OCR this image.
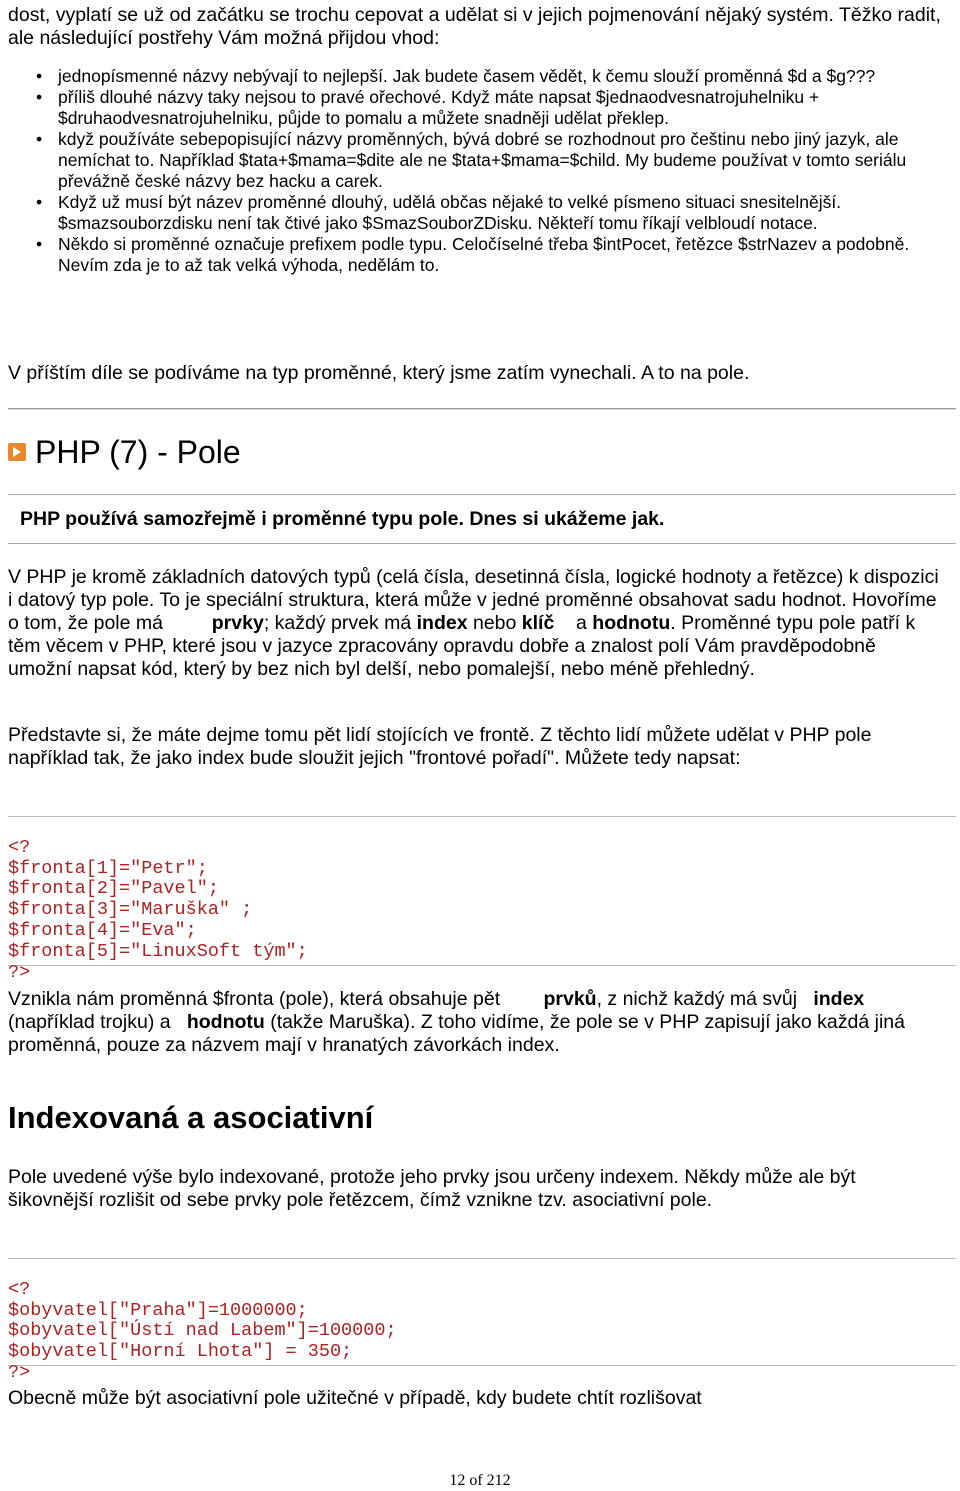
dost, vyplatí se už od začátku se trochu cepovat a udělat si v jejich pojmenování nějaký systém. Těžko radit, ale následující postřehy Vám možná přijdou vhod:
• jednopísmenné názvy nebývají to nejlepší. Jak budete časem vědět, k čemu slouží proměnná $d a $g???
• příliš dlouhé názvy taky nejsou to pravé ořechové. Když máte napsat $jednaodvesnatrojuhelniku + $druhaodvesnatrojuhelniku, půjde to pomalu a můžete snadněji udělat překlep.
• když používáte sebepopisující názvy proměnných, bývá dobré se rozhodnout pro češtinu nebo jiný jazyk, ale nemíchat to. Například $tata+$mama=$dite ale ne $tata+$mama=$child. My budeme používat v tomto seriálu převážně české názvy bez hacku a carek.
• Když už musí být název proměnné dlouhý, udělá občas nějaké to velké písmeno situaci snesitelnější. $smazsouborzdisku není tak čtivé jako $SmazSouborZDisku. Někteří tomu říkají velbloudí notace.
• Někdo si proměnné označuje prefixem podle typu. Celočíselné třeba $intPocet, řetězce $strNazev a podobně. Nevím zda je to až tak velká výhoda, nedělám to.
V příštím díle se podíváme na typ proměnné, který jsme zatím vynechali. A to na pole.
PHP (7) - Pole
PHP používá samozřejmě i proměnné typu pole. Dnes si ukážeme jak.
V PHP je kromě základních datových typů (celá čísla, desetinná čísla, logické hodnoty a řetězce) k dispozici i datový typ pole. To je speciální struktura, která může v jedné proměnné obsahovat sadu hodnot. Hovoříme o tom, že pole má	prvky; každý prvek má index nebo klíč a hodnotu. Proměnné typu pole patří k těm věcem v PHP, které jsou v jazyce zpracovány opravdu dobře a znalost polí Vám pravděpodobně umožní napsat kód, který by bez nich byl delší, nebo pomalejší, nebo méně přehledný.
Představte si, že máte dejme tomu pět lidí stojících ve frontě. Z těchto lidí můžete udělat v PHP pole například tak, že jako index bude sloužit jejich "frontové pořadí". Můžete tedy napsat:

<?
$fronta[1]="Petr";
$fronta[2]="Pavel";
$fronta[3]="Maruška" ;
$fronta[4]="Eva";
$fronta[5]="LinuxSoft tým";
?>
Vznikla nám proměnná $fronta (pole), která obsahuje pět prvků, z nichž každý má svůj index (například trojku) a hodnotu (takže Maruška). Z toho vidíme, že pole se v PHP zapisují jako každá jiná proměnná, pouze za názvem mají v hranatých závorkách index.
Indexovaná a asociativní
Pole uvedené výše bylo indexované, protože jeho prvky jsou určeny indexem. Někdy může ale být šikovnější rozlišit od sebe prvky pole řetězcem, čímž vznikne tzv. asociativní pole.

<?
$obyvatel["Praha"]=1000000;
$obyvatel["Ústí nad Labem"]=100000;
$obyvatel["Horní Lhota"] = 350;
?>
Obecně může být asociativní pole užitečné v případě, kdy budete chtít rozlišovat
12 of 212
